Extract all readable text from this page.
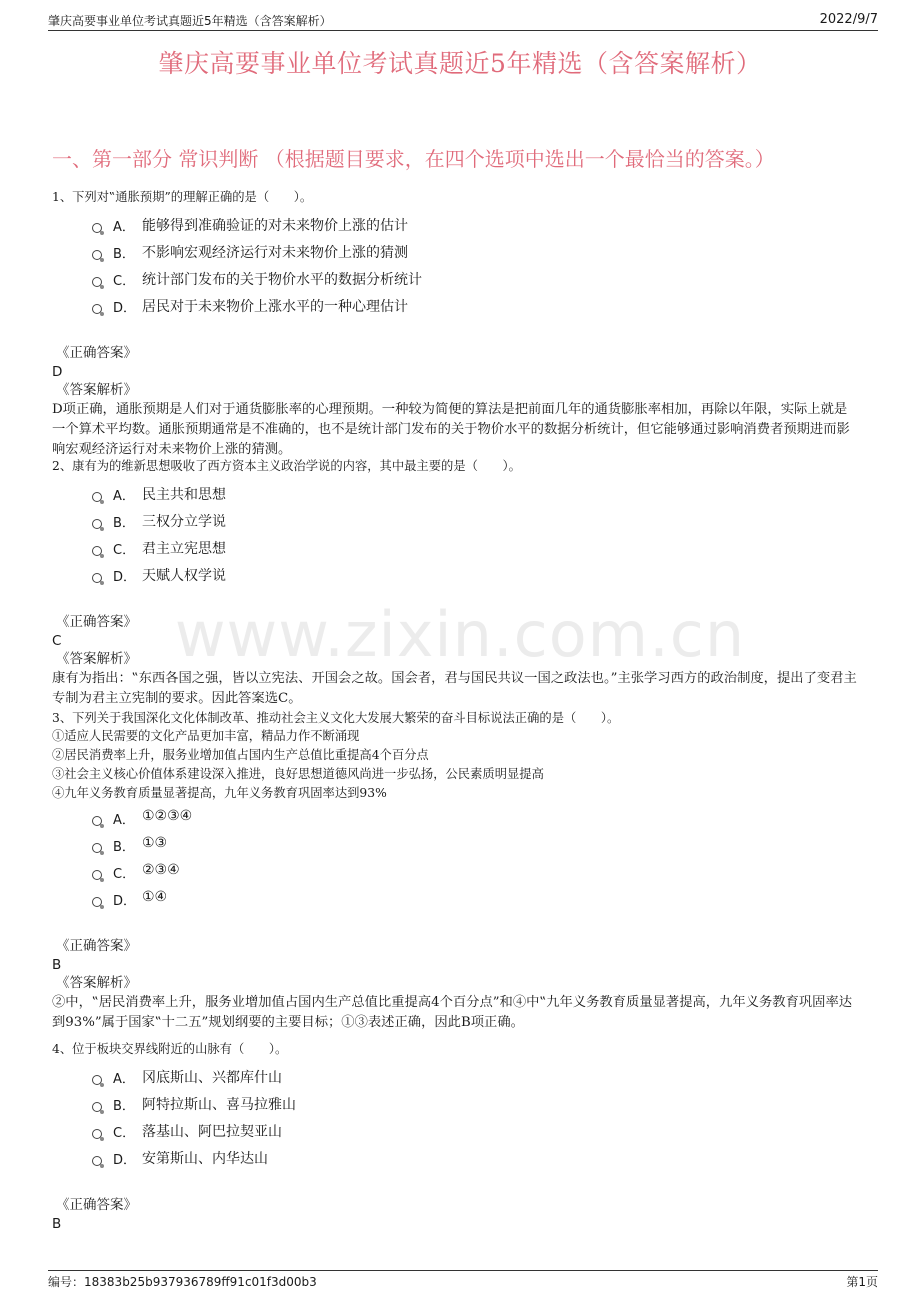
肇庆高要事业单位考试真题近5年精选（含答案解析）	2022/9/7
肇庆高要事业单位考试真题近5年精选（含答案解析）
一、第一部分 常识判断 （根据题目要求，在四个选项中选出一个最恰当的答案。）
www.zixin.com.cn
1、下列对‟通胀预期”的理解正确的是（　　）。
A． 能够得到准确验证的对未来物价上涨的估计
B． 不影响宏观经济运行对未来物价上涨的猜测
C． 统计部门发布的关于物价水平的数据分析统计
D． 居民对于未来物价上涨水平的一种心理估计
《正确答案》
D
《答案解析》
D项正确，通胀预期是人们对于通货膨胀率的心理预期。一种较为简便的算法是把前面几年的通货膨胀率相加，再除以年限，实际上就是一个算术平均数。通胀预期通常是不准确的，也不是统计部门发布的关于物价水平的数据分析统计，但它能够通过影响消费者预期进而影响宏观经济运行对未来物价上涨的猜测。
2、康有为的维新思想吸收了西方资本主义政治学说的内容，其中最主要的是（　　）。
A． 民主共和思想
B． 三权分立学说
C． 君主立宪思想
D． 天赋人权学说
《正确答案》
C
《答案解析》
康有为指出：‟东西各国之强，皆以立宪法、开国会之故。国会者，君与国民共议一国之政法也。”主张学习西方的政治制度，提出了变君主专制为君主立宪制的要求。因此答案选C。
3、下列关于我国深化文化体制改革、推动社会主义文化大发展大繁荣的奋斗目标说法正确的是（　　）。
①适应人民需要的文化产品更加丰富，精品力作不断涌现
②居民消费率上升，服务业增加值占国内生产总值比重提高4个百分点
③社会主义核心价值体系建设深入推进，良好思想道德风尚进一步弘扬，公民素质明显提高
④九年义务教育质量显著提高，九年义务教育巩固率达到93%
A． ①②③④
B． ①③
C． ②③④
D． ①④
《正确答案》
B
《答案解析》
②中，‟居民消费率上升，服务业增加值占国内生产总值比重提高4个百分点”和④中‟九年义务教育质量显著提高，九年义务教育巩固率达到93%”属于国家‟十二五”规划纲要的主要目标；①③表述正确，因此B项正确。
4、位于板块交界线附近的山脉有（　　）。
A． 冈底斯山、兴都库什山
B． 阿特拉斯山、喜马拉雅山
C． 落基山、阿巴拉契亚山
D． 安第斯山、内华达山
《正确答案》
B
编号：18383b25b937936789ff91c01f3d00b3	第1页
